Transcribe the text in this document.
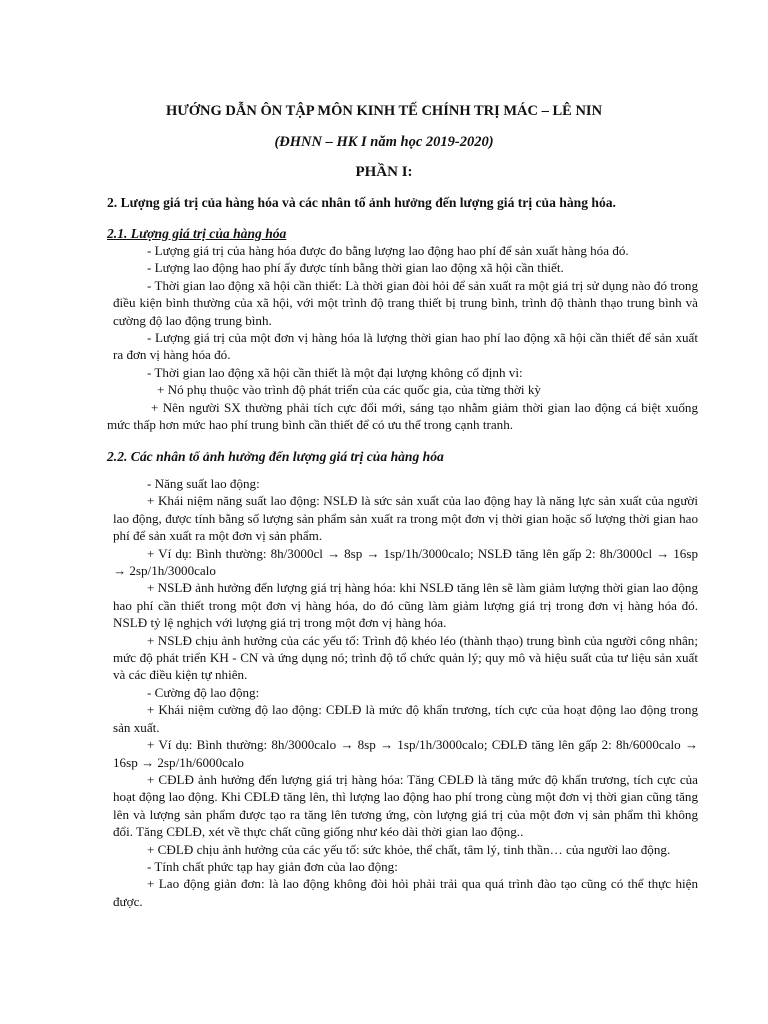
HƯỚNG DẪN ÔN TẬP MÔN KINH TẾ CHÍNH TRỊ MÁC – LÊ NIN
(ĐHNN – HK I năm học 2019-2020)
PHẦN I:
2. Lượng giá trị của hàng hóa và các nhân tố ảnh hưởng đến lượng giá trị của hàng hóa.
2.1. Lượng giá trị của hàng hóa

- Lượng giá trị của hàng hóa được đo bằng lượng lao động hao phí để sản xuất hàng hóa đó.

- Lượng lao động hao phí ấy được tính bằng thời gian lao động xã hội cần thiết.

- Thời gian lao động xã hội cần thiết: Là thời gian đòi hỏi để sản xuất ra một giá trị sử dụng nào đó trong điều kiện bình thường của xã hội, với một trình độ trang thiết bị trung bình, trình độ thành thạo trung bình và cường độ lao động trung bình.

- Lượng giá trị của một đơn vị hàng hóa là lượng thời gian hao phí lao động xã hội cần thiết để sản xuất ra đơn vị hàng hóa đó.

- Thời gian lao động xã hội cần thiết là một đại lượng không cố định vì:

+ Nó phụ thuộc vào trình độ phát triển của các quốc gia, của từng thời kỳ

+ Nên người SX thường phải tích cực đổi mới, sáng tạo nhằm giảm thời gian lao động cá biệt xuống mức thấp hơn mức hao phí trung bình cần thiết để có ưu thế trong cạnh tranh.

2.2. Các nhân tố ảnh hưởng đến lượng giá trị của hàng hóa

- Năng suất lao động:

+ Khái niệm năng suất lao động: NSLĐ là sức sản xuất của lao động hay là năng lực sản xuất của người lao động, được tính bằng số lượng sản phẩm sản xuất ra trong một đơn vị thời gian hoặc số lượng thời gian hao phí để sản xuất ra một đơn vị sản phẩm.

+ Ví dụ: Bình thường: 8h/3000cl → 8sp → 1sp/1h/3000calo; NSLĐ tăng lên gấp 2: 8h/3000cl → 16sp → 2sp/1h/3000calo

+ NSLĐ ảnh hưởng đến lượng giá trị hàng hóa: khi NSLĐ tăng lên sẽ làm giảm lượng thời gian lao động hao phí cần thiết trong một đơn vị hàng hóa, do đó cũng làm giảm lượng giá trị trong đơn vị hàng hóa đó. NSLĐ tỷ lệ nghịch với lượng giá trị trong một đơn vị hàng hóa.

+ NSLĐ chịu ảnh hưởng của các yếu tố: Trình độ khéo léo (thành thạo) trung bình của người công nhân; mức độ phát triển KH - CN và ứng dụng nó; trình độ tổ chức quản lý; quy mô và hiệu suất của tư liệu sản xuất và các điều kiện tự nhiên.

- Cường độ lao động:

+ Khái niệm cường độ lao động: CĐLĐ là mức độ khẩn trương, tích cực của hoạt động lao động trong sản xuất.

+ Ví dụ: Bình thường: 8h/3000calo → 8sp → 1sp/1h/3000calo; CĐLĐ tăng lên gấp 2: 8h/6000calo → 16sp → 2sp/1h/6000calo

+ CĐLĐ ảnh hưởng đến lượng giá trị hàng hóa: Tăng CĐLĐ là tăng mức độ khẩn trương, tích cực của hoạt động lao động. Khi CĐLĐ tăng lên, thì lượng lao động hao phí trong cùng một đơn vị thời gian cũng tăng lên và lượng sản phẩm được tạo ra tăng lên tương ứng, còn lượng giá trị của một đơn vị sản phẩm thì không đổi. Tăng CĐLĐ, xét về thực chất cũng giống như kéo dài thời gian lao động..

+ CĐLĐ chịu ảnh hưởng của các yếu tố: sức khỏe, thể chất, tâm lý, tinh thần… của người lao động.

- Tính chất phức tạp hay giản đơn của lao động:

+ Lao động giản đơn: là lao động không đòi hỏi phải trải qua quá trình đào tạo cũng có thể thực hiện được.
